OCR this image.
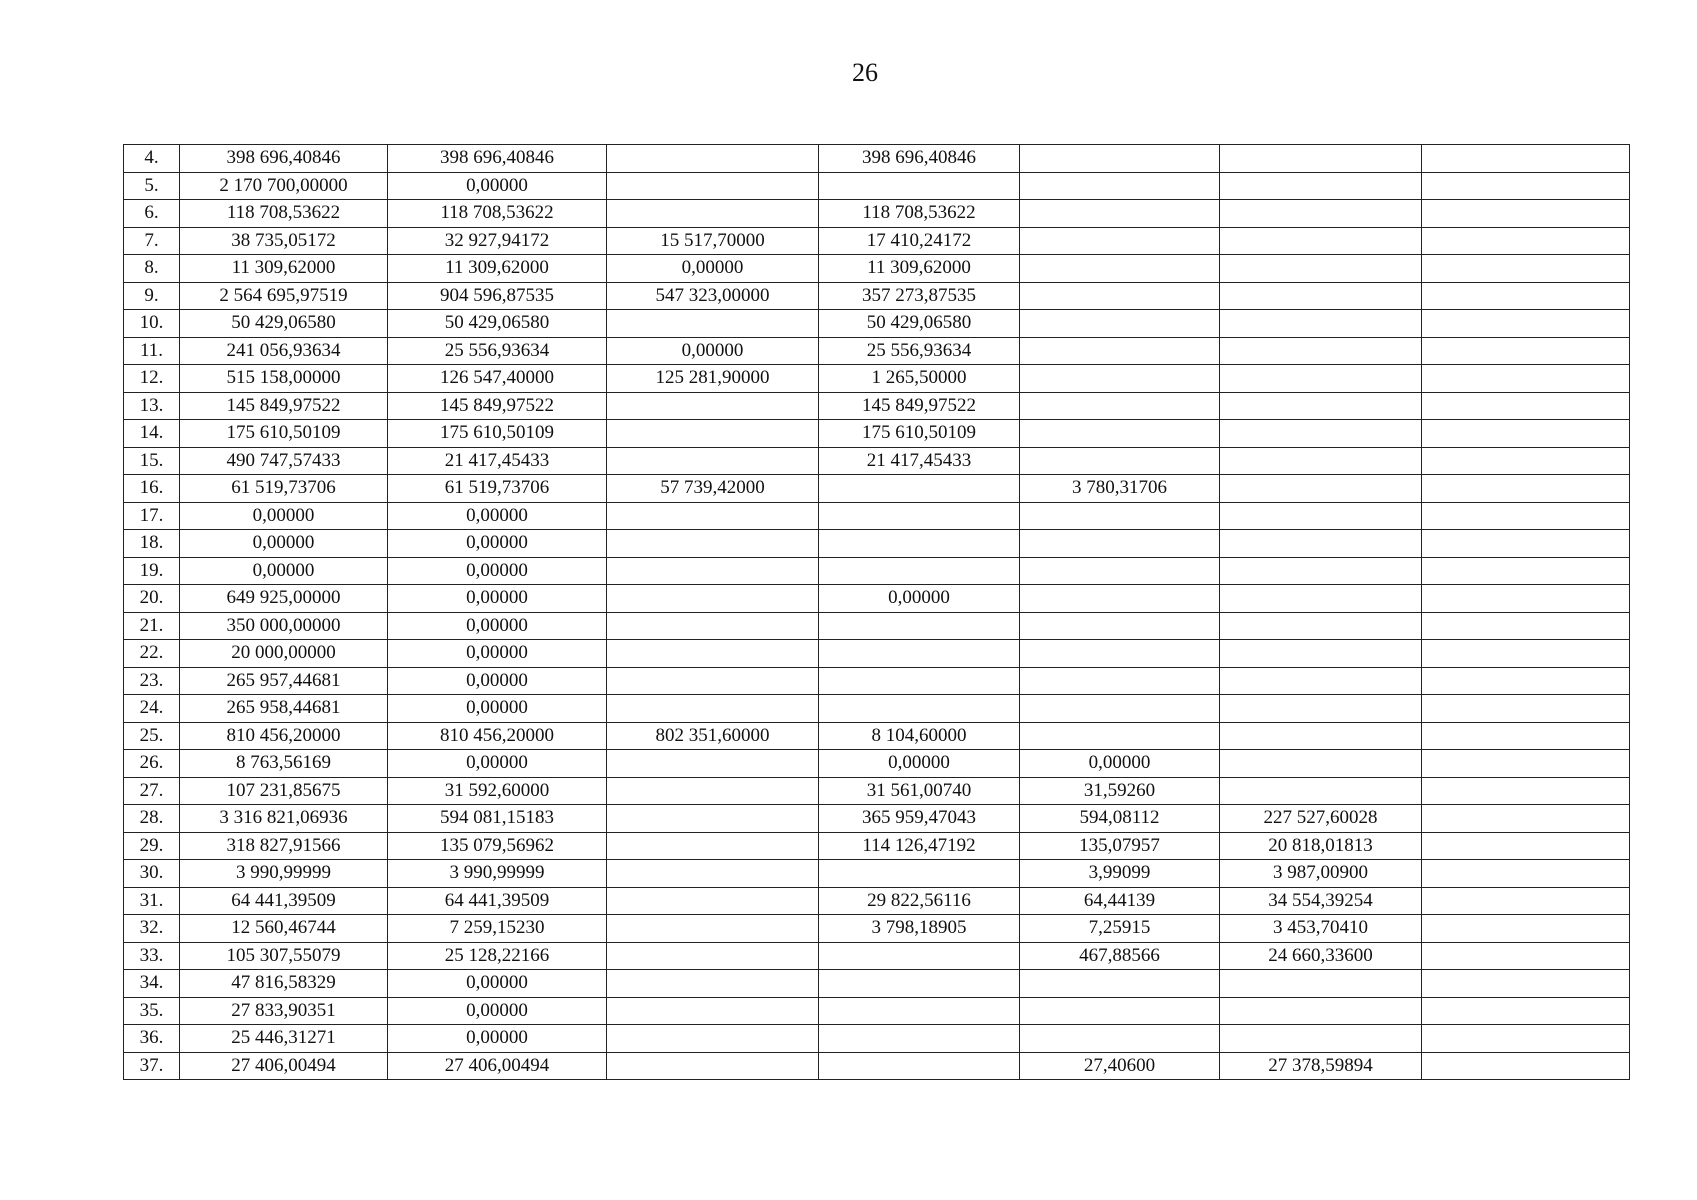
26
4.	398 696,40846	398 696,40846		398 696,40846			
5.	2 170 700,00000	0,00000					
6.	118 708,53622	118 708,53622		118 708,53622			
7.	38 735,05172	32 927,94172	15 517,70000	17 410,24172			
8.	11 309,62000	11 309,62000	0,00000	11 309,62000			
9.	2 564 695,97519	904 596,87535	547 323,00000	357 273,87535			
10.	50 429,06580	50 429,06580		50 429,06580			
11.	241 056,93634	25 556,93634	0,00000	25 556,93634			
12.	515 158,00000	126 547,40000	125 281,90000	1 265,50000			
13.	145 849,97522	145 849,97522		145 849,97522			
14.	175 610,50109	175 610,50109		175 610,50109			
15.	490 747,57433	21 417,45433		21 417,45433			
16.	61 519,73706	61 519,73706	57 739,42000		3 780,31706		
17.	0,00000	0,00000					
18.	0,00000	0,00000					
19.	0,00000	0,00000					
20.	649 925,00000	0,00000		0,00000			
21.	350 000,00000	0,00000					
22.	20 000,00000	0,00000					
23.	265 957,44681	0,00000					
24.	265 958,44681	0,00000					
25.	810 456,20000	810 456,20000	802 351,60000	8 104,60000			
26.	8 763,56169	0,00000		0,00000	0,00000		
27.	107 231,85675	31 592,60000		31 561,00740	31,59260		
28.	3 316 821,06936	594 081,15183		365 959,47043	594,08112	227 527,60028	
29.	318 827,91566	135 079,56962		114 126,47192	135,07957	20 818,01813	
30.	3 990,99999	3 990,99999			3,99099	3 987,00900	
31.	64 441,39509	64 441,39509		29 822,56116	64,44139	34 554,39254	
32.	12 560,46744	7 259,15230		3 798,18905	7,25915	3 453,70410	
33.	105 307,55079	25 128,22166			467,88566	24 660,33600	
34.	47 816,58329	0,00000					
35.	27 833,90351	0,00000					
36.	25 446,31271	0,00000					
37.	27 406,00494	27 406,00494			27,40600	27 378,59894	
